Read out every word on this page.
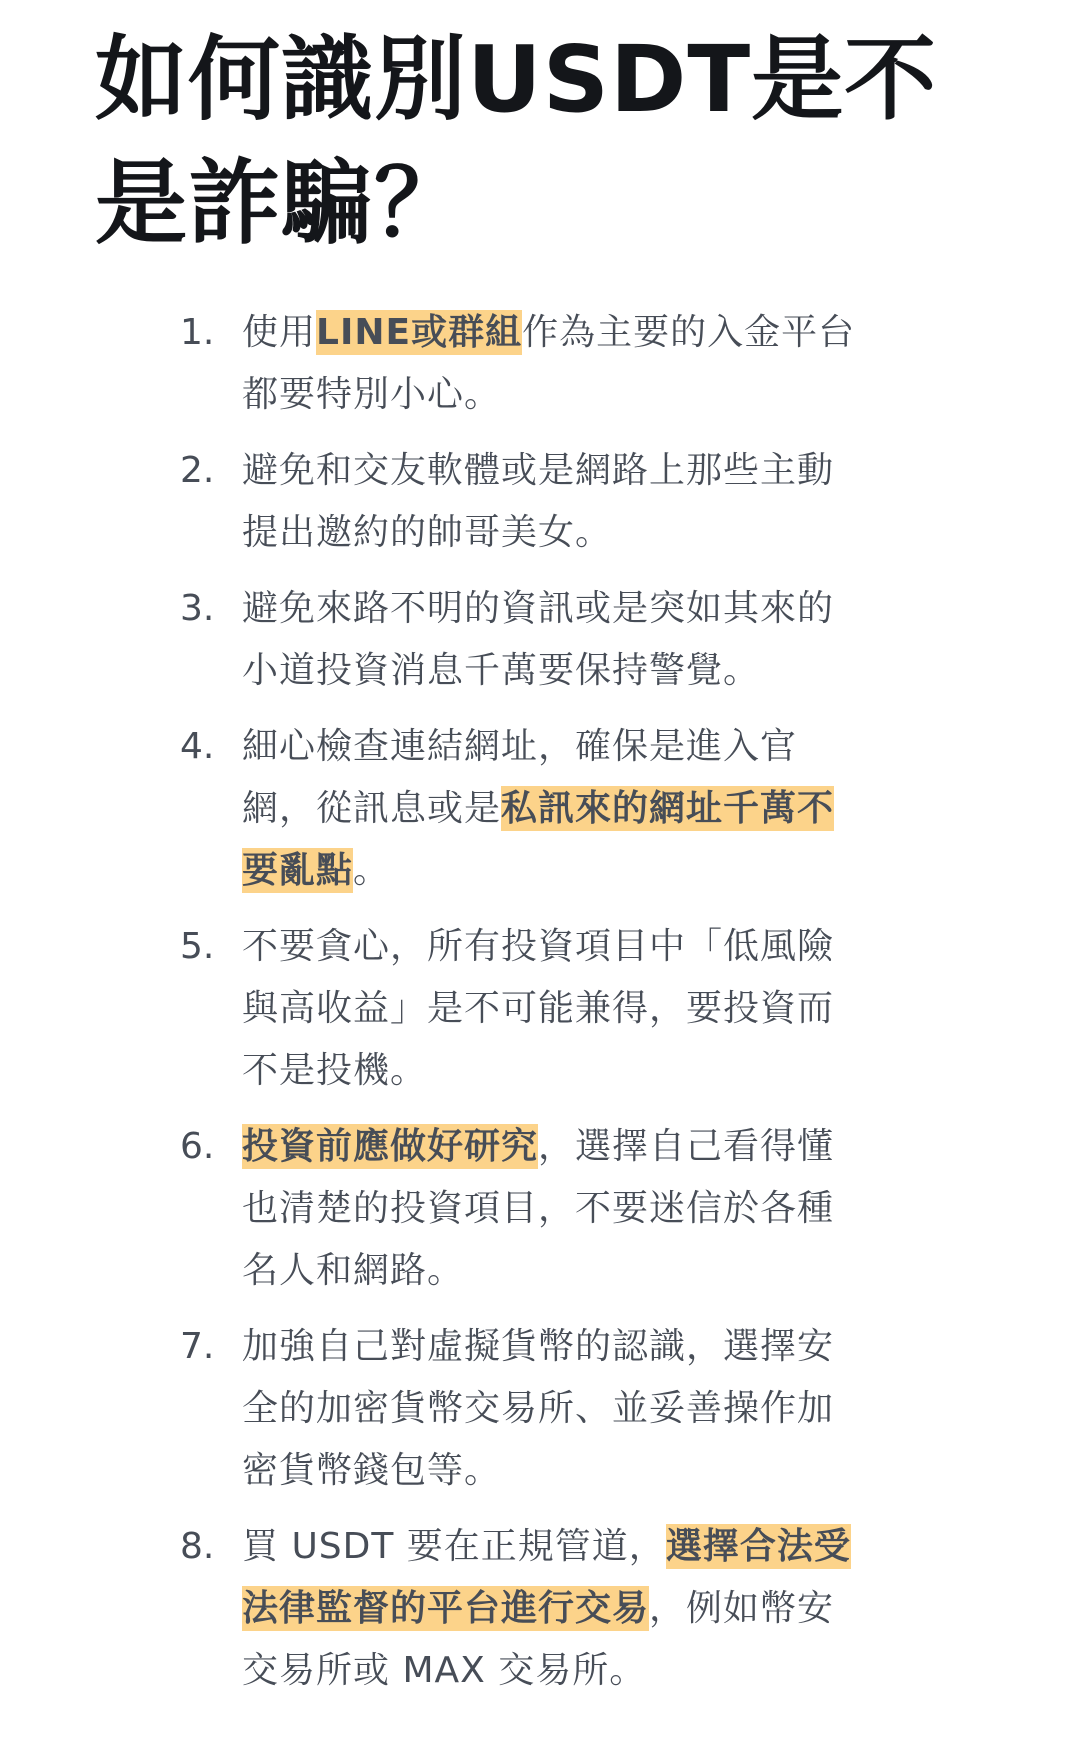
如何識別USDT是不是詐騙？
1. 使用LINE或群組作為主要的入金平台都要特別小心。
2. 避免和交友軟體或是網路上那些主動提出邀約的帥哥美女。
3. 避免來路不明的資訊或是突如其來的小道投資消息千萬要保持警覺。
4. 細心檢查連結網址，確保是進入官網，從訊息或是私訊來的網址千萬不要亂點。
5. 不要貪心，所有投資項目中「低風險與高收益」是不可能兼得，要投資而不是投機。
6. 投資前應做好研究，選擇自己看得懂也清楚的投資項目，不要迷信於各種名人和網路。
7. 加強自己對虛擬貨幣的認識，選擇安全的加密貨幣交易所、並妥善操作加密貨幣錢包等。
8. 買 USDT 要在正規管道，選擇合法受法律監督的平台進行交易，例如幣安交易所或 MAX 交易所。
